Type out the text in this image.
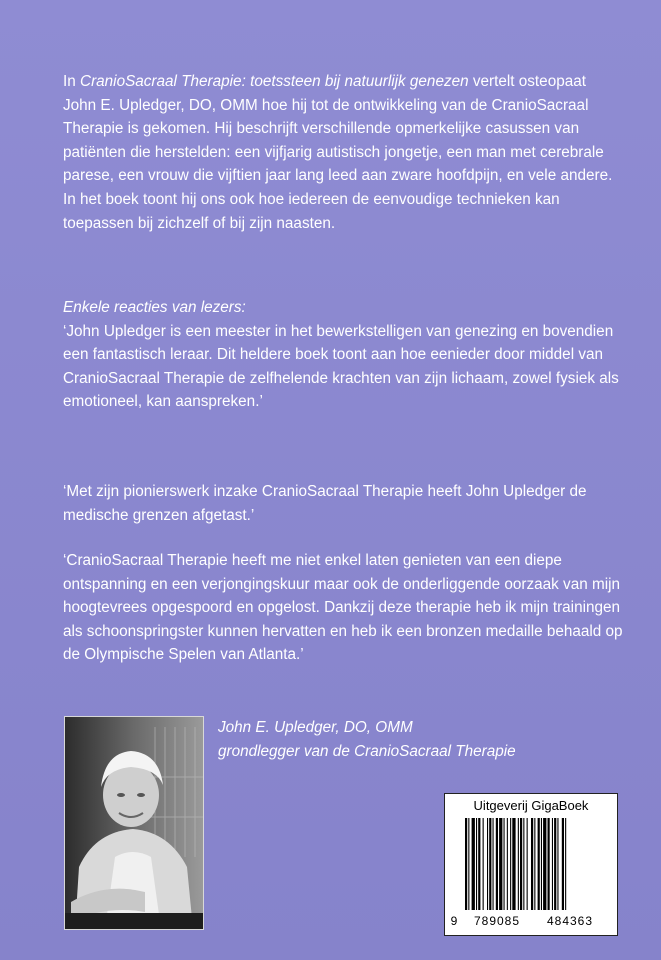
In CranioSacraal Therapie: toetssteen bij natuurlijk genezen vertelt osteopaat John E. Upledger, DO, OMM hoe hij tot de ontwikkeling van de CranioSacraal Therapie is gekomen. Hij beschrijft verschillende opmerkelijke casussen van patiënten die herstelden: een vijfjarig autistisch jongetje, een man met cerebrale parese, een vrouw die vijftien jaar lang leed aan zware hoofdpijn, en vele andere. In het boek toont hij ons ook hoe iedereen de eenvoudige technieken kan toepassen bij zichzelf of bij zijn naasten.

Enkele reacties van lezers:

‘John Upledger is een meester in het bewerkstelligen van genezing en bovendien een fantastisch leraar. Dit heldere boek toont aan hoe eenieder door middel van CranioSacraal Therapie de zelfhelende krachten van zijn lichaam, zowel fysiek als emotioneel, kan aanspreken.’

‘Met zijn pionierswerk inzake CranioSacraal Therapie heeft John Upledger de medische grenzen afgetast.’

‘CranioSacraal Therapie heeft me niet enkel laten genieten van een diepe ontspanning en een verjongingskuur maar ook de onderliggende oorzaak van mijn hoogtevrees opgespoord en opgelost. Dankzij deze therapie heb ik mijn trainingen als schoonspringster kunnen hervatten en heb ik een bronzen medaille behaald op de Olympische Spelen van Atlanta.’

John E. Upledger, DO, OMM
grondlegger van de CranioSacraal Therapie
Uitgeverij GigaBoek
9	789085	484363
